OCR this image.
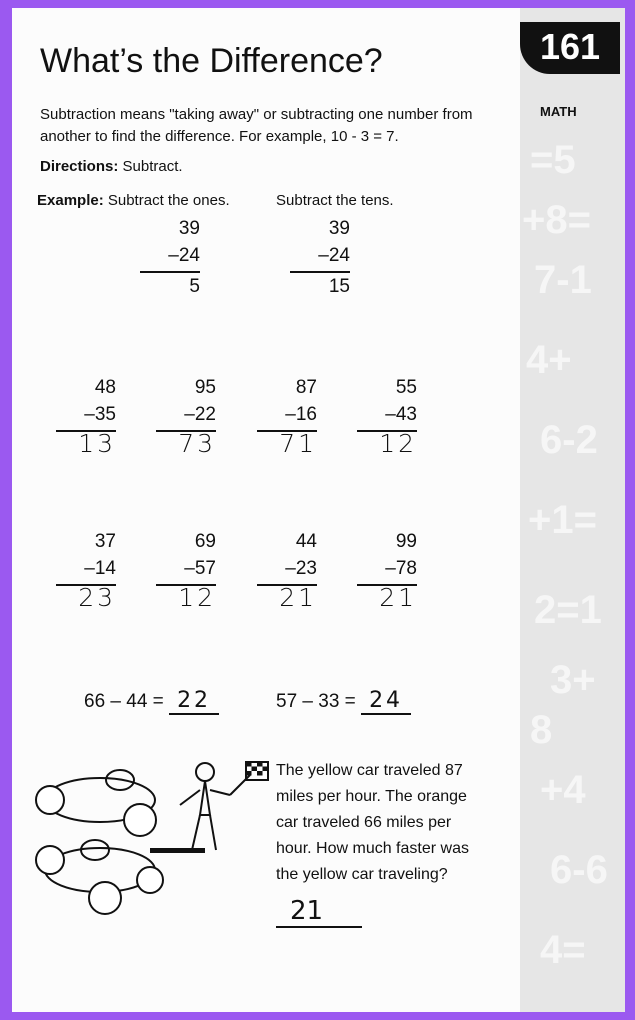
=5
+8=
7-1
4+
6-2
+1=
2=1
3+
8
+4
6-6
4=
161
MATH
What’s the Difference?
Subtraction means "taking away" or subtracting one number from another to find the difference. For example, 10 - 3 = 7.
Directions: Subtract.
Example: Subtract the ones.	Subtract the tens.
39
–24
5
39
–24
15
48
–35
13
95
–22
73
87
–16
71
55
–43
12
37
–14
23
69
–57
12
44
–23
21
99
–78
21
66 – 44 = 22	57 – 33 = 24
The yellow car traveled 87 miles per hour. The orange car traveled 66 miles per hour. How much faster was the yellow car traveling?
21
